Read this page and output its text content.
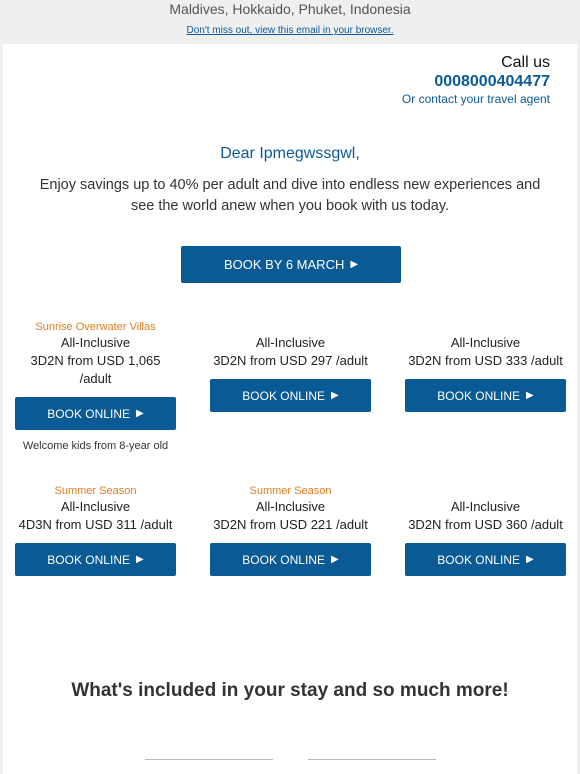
Maldives, Hokkaido, Phuket, Indonesia
Don't miss out, view this email in your browser.
Call us
0008000404477
Or contact your travel agent
Dear Ipmegwssgwl,
Enjoy savings up to 40% per adult and dive into endless new experiences and see the world anew when you book with us today.
BOOK BY 6 MARCH ▶
Sunrise Overwater Villas
All-Inclusive
3D2N from USD 1,065 /adult
BOOK ONLINE ▶
Welcome kids from 8-year old
All-Inclusive
3D2N from USD 297 /adult
BOOK ONLINE ▶
All-Inclusive
3D2N from USD 333 /adult
BOOK ONLINE ▶
Summer Season
All-Inclusive
4D3N from USD 311 /adult
BOOK ONLINE ▶
Summer Season
All-Inclusive
3D2N from USD 221 /adult
BOOK ONLINE ▶
All-Inclusive
3D2N from USD 360 /adult
BOOK ONLINE ▶
What's included in your stay and so much more!
